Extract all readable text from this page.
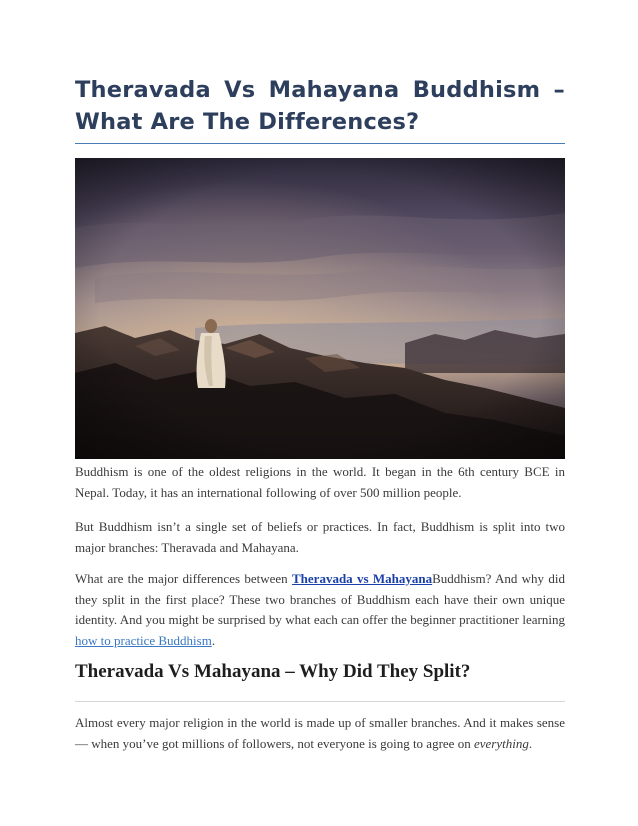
Theravada Vs Mahayana Buddhism – What Are The Differences?

Buddhism is one of the oldest religions in the world. It began in the 6th century BCE in Nepal. Today, it has an international following of over 500 million people.

But Buddhism isn’t a single set of beliefs or practices. In fact, Buddhism is split into two major branches: Theravada and Mahayana.

What are the major differences between Theravada vs MahayanaBuddhism? And why did they split in the first place? These two branches of Buddhism each have their own unique identity. And you might be surprised by what each can offer the beginner practitioner learning how to practice Buddhism.

Theravada Vs Mahayana – Why Did They Split?

Almost every major religion in the world is made up of smaller branches. And it makes sense — when you’ve got millions of followers, not everyone is going to agree on everything.
